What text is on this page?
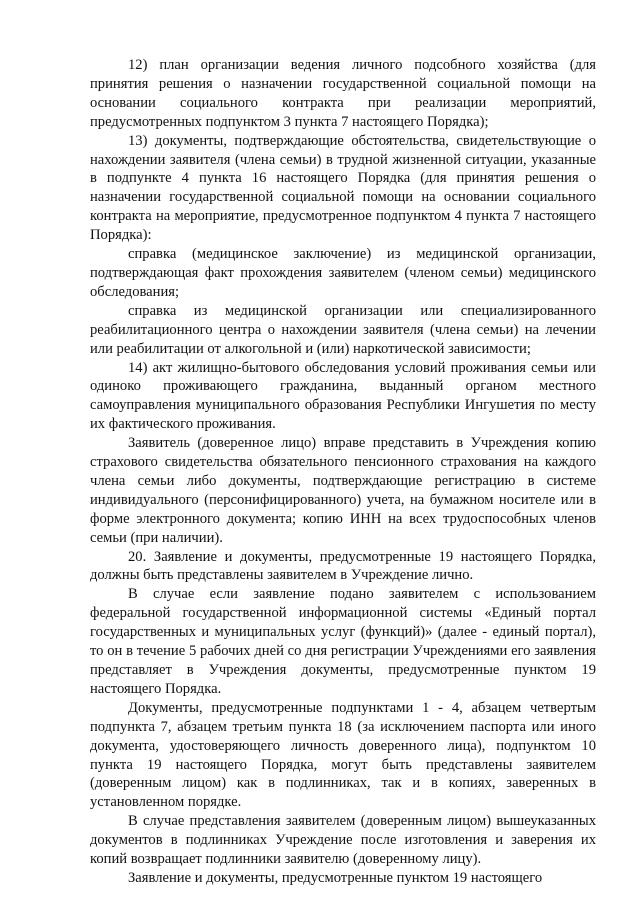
12) план организации ведения личного подсобного хозяйства (для принятия решения о назначении государственной социальной помощи на основании социального контракта при реализации мероприятий, предусмотренных подпунктом 3 пункта 7 настоящего Порядка);

13) документы, подтверждающие обстоятельства, свидетельствующие о нахождении заявителя (члена семьи) в трудной жизненной ситуации, указанные в подпункте 4 пункта 16 настоящего Порядка (для принятия решения о назначении государственной социальной помощи на основании социального контракта на мероприятие, предусмотренное подпунктом 4 пункта 7 настоящего Порядка):

справка (медицинское заключение) из медицинской организации, подтверждающая факт прохождения заявителем (членом семьи) медицинского обследования;

справка из медицинской организации или специализированного реабилитационного центра о нахождении заявителя (члена семьи) на лечении или реабилитации от алкогольной и (или) наркотической зависимости;

14) акт жилищно-бытового обследования условий проживания семьи или одиноко проживающего гражданина, выданный органом местного самоуправления муниципального образования Республики Ингушетия по месту их фактического проживания.

Заявитель (доверенное лицо) вправе представить в Учреждения копию страхового свидетельства обязательного пенсионного страхования на каждого члена семьи либо документы, подтверждающие регистрацию в системе индивидуального (персонифицированного) учета, на бумажном носителе или в форме электронного документа; копию ИНН на всех трудоспособных членов семьи (при наличии).

20. Заявление и документы, предусмотренные 19 настоящего Порядка, должны быть представлены заявителем в Учреждение лично.

В случае если заявление подано заявителем с использованием федеральной государственной информационной системы «Единый портал государственных и муниципальных услуг (функций)» (далее - единый портал), то он в течение 5 рабочих дней со дня регистрации Учреждениями его заявления представляет в Учреждения документы, предусмотренные пунктом 19 настоящего Порядка.

Документы, предусмотренные подпунктами 1 - 4, абзацем четвертым подпункта 7, абзацем третьим пункта 18 (за исключением паспорта или иного документа, удостоверяющего личность доверенного лица), подпунктом 10 пункта 19 настоящего Порядка, могут быть представлены заявителем (доверенным лицом) как в подлинниках, так и в копиях, заверенных в установленном порядке.

В случае представления заявителем (доверенным лицом) вышеуказанных документов в подлинниках Учреждение после изготовления и заверения их копий возвращает подлинники заявителю (доверенному лицу).

Заявление и документы, предусмотренные пунктом 19 настоящего
